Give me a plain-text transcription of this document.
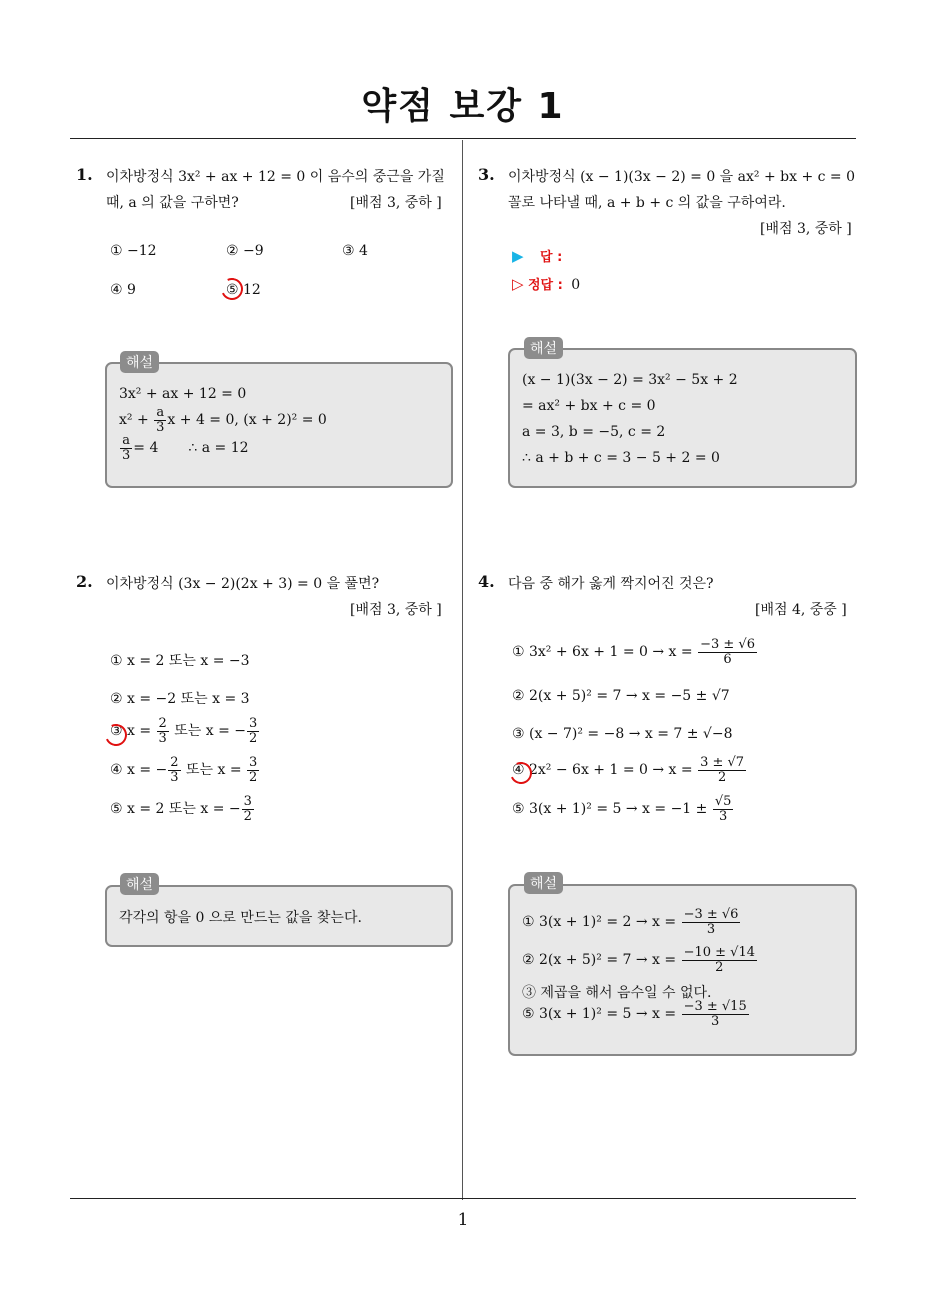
약점 보강 1
1. 이차방정식 3x² + ax + 12 = 0 이 음수의 중근을 가질
때, a 의 값을 구하면?	[배점 3, 중하 ]
① −12	② −9	③ 4
④ 9	⑤ 12
3x² + ax + 12 = 0
$x^2 + \frac{a}{3}$ x + 4 = 0, (x + 2)² = 0
$\frac{a}{3} = 4$ ∴ a = 12
해설
3. 이차방정식 (x − 1)(3x − 2) = 0 을 ax² + bx + c = 0
꼴로 나타낼 때, a + b + c 의 값을 구하여라.
[배점 3, 중하 ]
▶ 답 :
▷ 정답 : 0
(x − 1)(3x − 2) = 3x² − 5x + 2
= ax² + bx + c = 0
a = 3, b = −5, c = 2
∴ a + b + c = 3 − 5 + 2 = 0
해설
2. 이차방정식 (3x − 2)(2x + 3) = 0 을 풀면?
[배점 3, 중하 ]
① x = 2 또는 x = −3
② x = −2 또는 x = 3
③ $x = \frac{2}{3}$ 또는 x = − $\frac{3}{2}$
④ x = − $\frac{2}{3}$ 또는 $x = \frac{3}{2}$
⑤ x = 2 또는 x = − $\frac{3}{2}$
각각의 항을 0 으로 만드는 값을 찾는다.
해설
4. 다음 중 해가 옳게 짝지어진 것은?
[배점 4, 중중 ]
① $3x^2 + 6x + 1 = 0 \to x = \frac{-3 \pm √6}{6}$
② 2(x + 5)² = 7 → x = −5 ± √7
③ (x − 7)² = −8 → x = 7 ± √−8
④ $2x^2 - 6x + 1 = 0 \to x = \frac{3 \pm √7}{2}$
⑤ $3(x + 1)^2 = 5 \to x = -1 \pm \frac{√5}{3}$
① $3(x + 1)^2 = 2 \to x = \frac{-3 \pm √6}{3}$
② $2(x + 5)^2 = 7 \to x = \frac{-10 \pm √14}{2}$
③ 제곱을 해서 음수일 수 없다.
⑤ $3(x + 1)^2 = 5 \to x = \frac{-3 \pm √15}{3}$
해설
1
